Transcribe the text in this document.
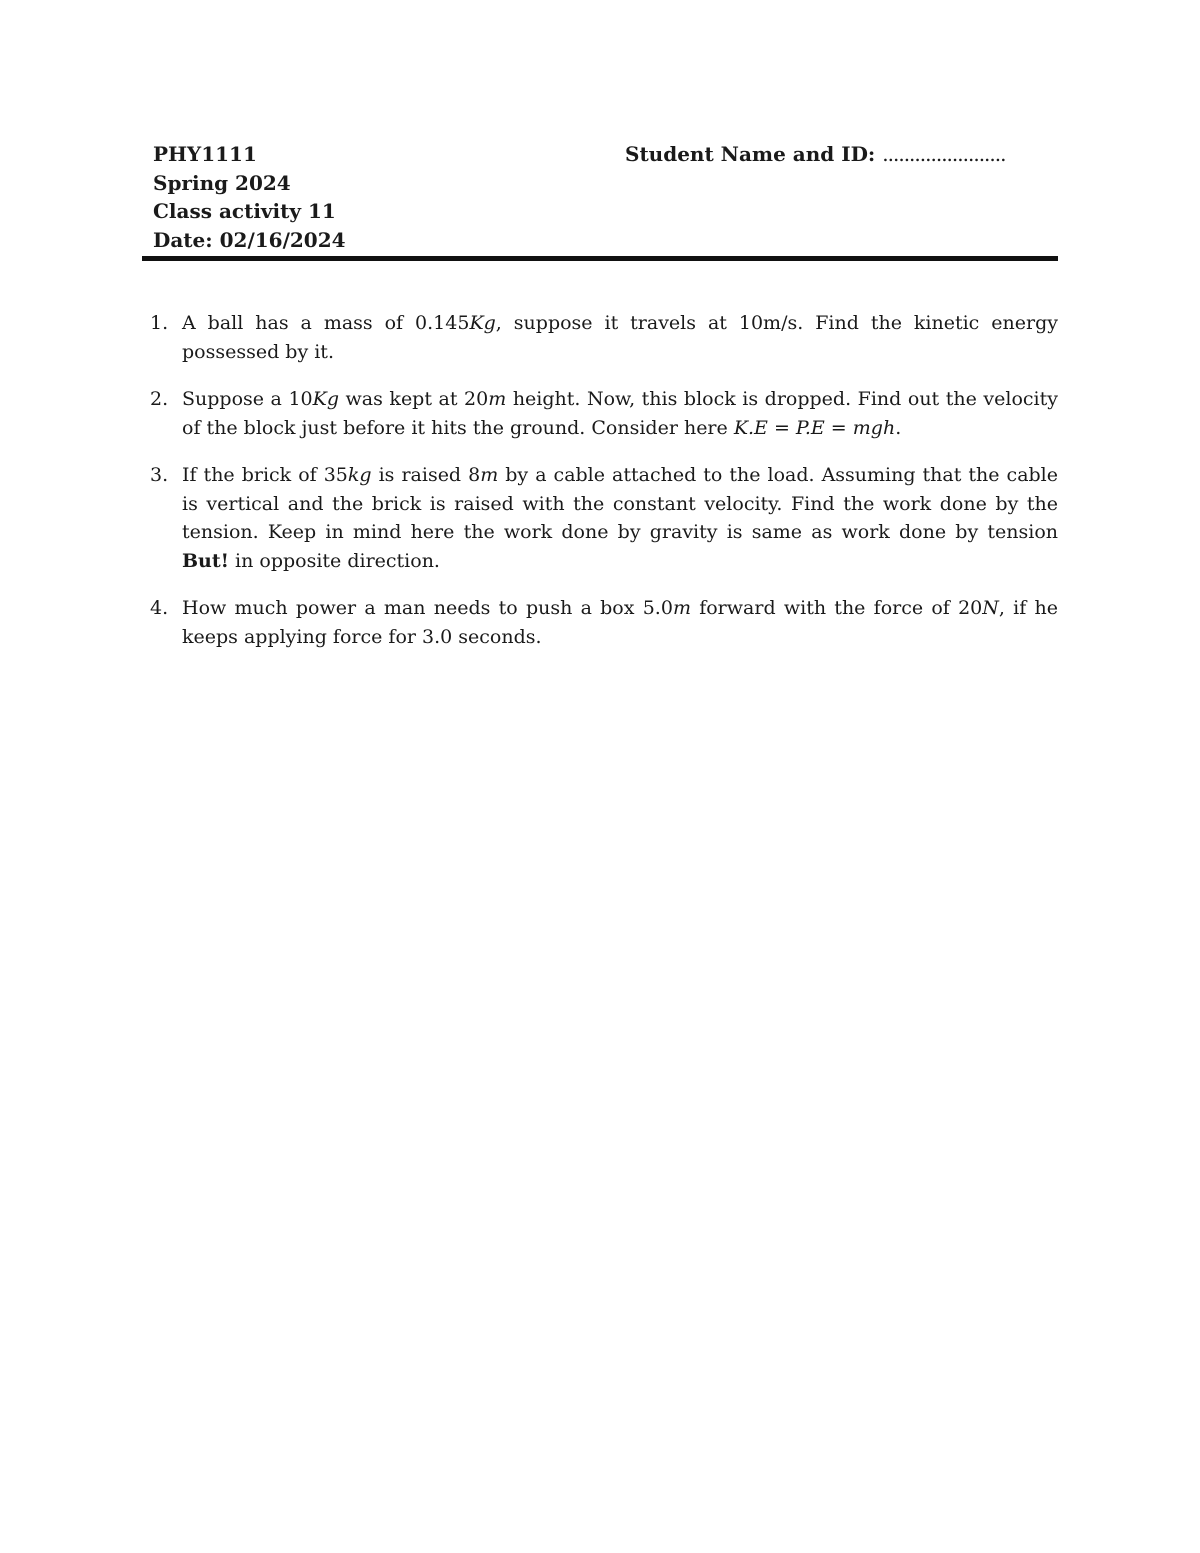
PHY1111
Spring 2024
Class activity 11
Date: 02/16/2024
Student Name and ID: .......................
1. A ball has a mass of 0.145Kg, suppose it travels at 10m/s. Find the kinetic energy possessed by it.
2. Suppose a 10Kg was kept at 20m height. Now, this block is dropped. Find out the velocity of the block just before it hits the ground. Consider here K.E = P.E = mgh.
3. If the brick of 35kg is raised 8m by a cable attached to the load. Assuming that the cable is vertical and the brick is raised with the constant velocity. Find the work done by the tension. Keep in mind here the work done by gravity is same as work done by tension But! in opposite direction.
4. How much power a man needs to push a box 5.0m forward with the force of 20N, if he keeps applying force for 3.0 seconds.
